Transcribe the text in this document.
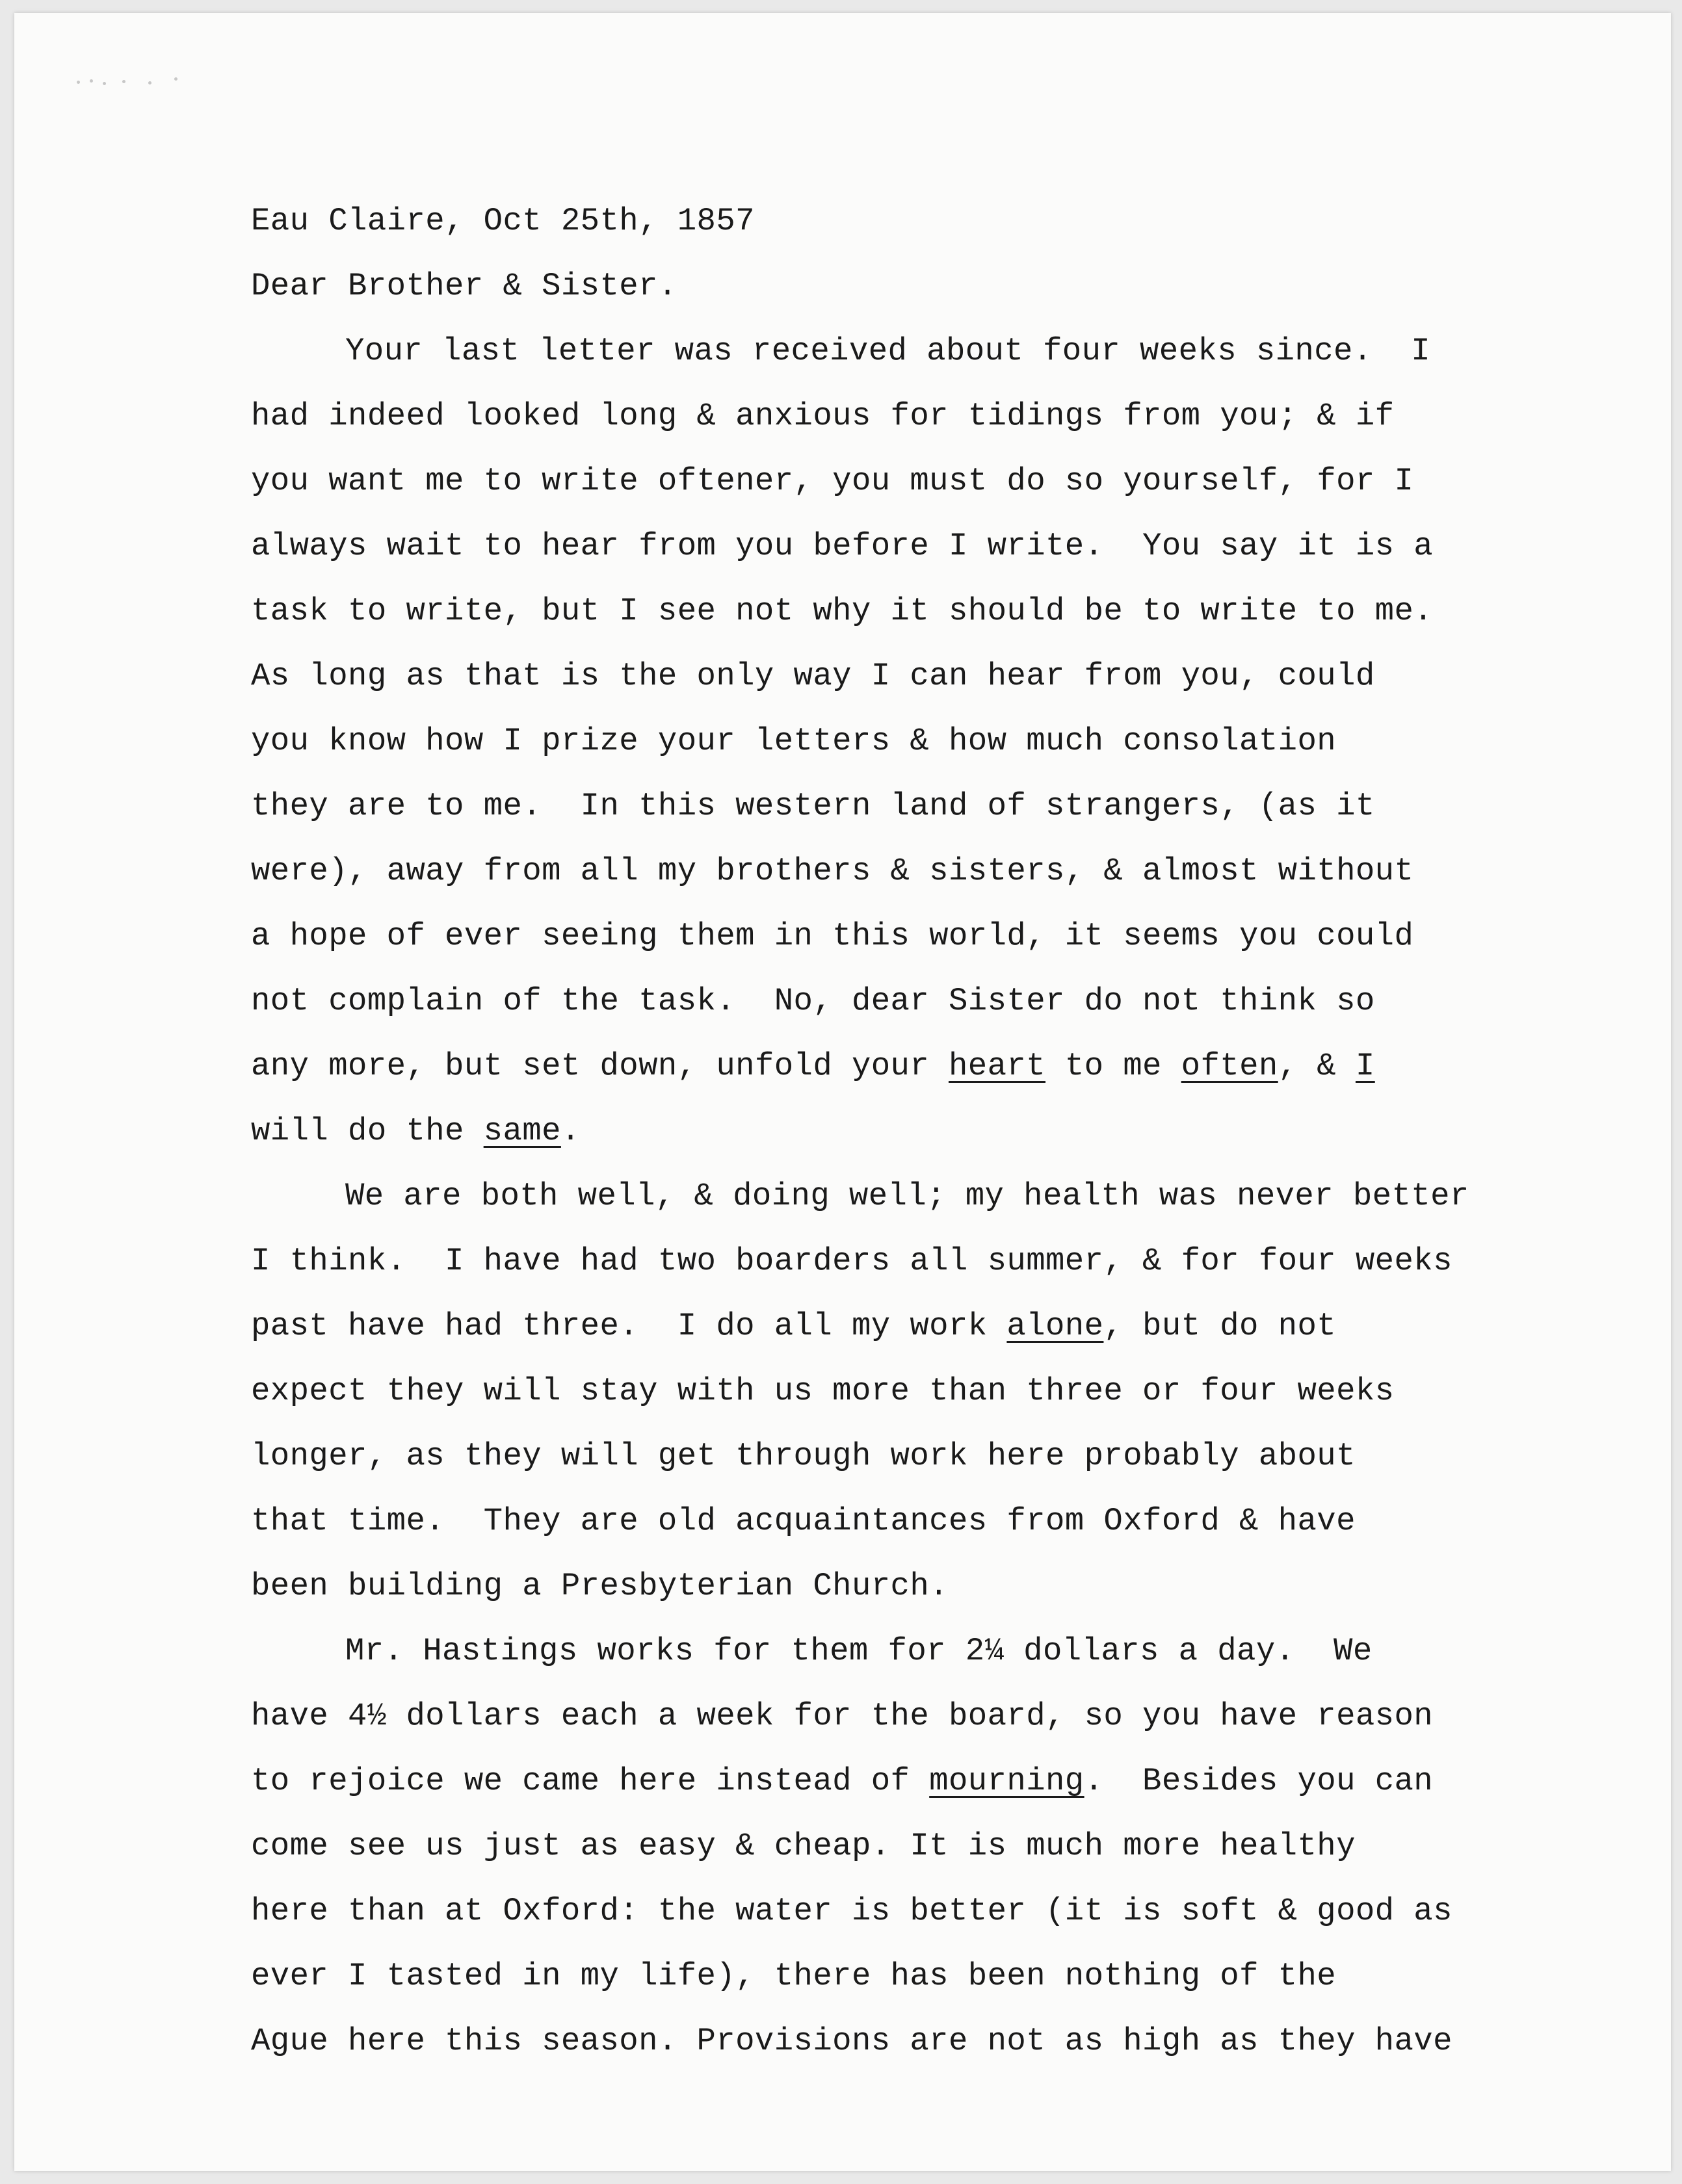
Eau Claire, Oct 25th, 1857
Dear Brother & Sister.
Your last letter was received about four weeks since.  I
had indeed looked long & anxious for tidings from you; & if
you want me to write oftener, you must do so yourself, for I
always wait to hear from you before I write.  You say it is a
task to write, but I see not why it should be to write to me.
As long as that is the only way I can hear from you, could
you know how I prize your letters & how much consolation
they are to me.  In this western land of strangers, (as it
were), away from all my brothers & sisters, & almost without
a hope of ever seeing them in this world, it seems you could
not complain of the task.  No, dear Sister do not think so
any more, but set down, unfold your heart to me often, & I
will do the same.
We are both well, & doing well; my health was never better
I think.  I have had two boarders all summer, & for four weeks
past have had three.  I do all my work alone, but do not
expect they will stay with us more than three or four weeks
longer, as they will get through work here probably about
that time.  They are old acquaintances from Oxford & have
been building a Presbyterian Church.
Mr. Hastings works for them for 2¼ dollars a day.  We
have 4½ dollars each a week for the board, so you have reason
to rejoice we came here instead of mourning.  Besides you can
come see us just as easy & cheap. It is much more healthy
here than at Oxford: the water is better (it is soft & good as
ever I tasted in my life), there has been nothing of the
Ague here this season. Provisions are not as high as they have
